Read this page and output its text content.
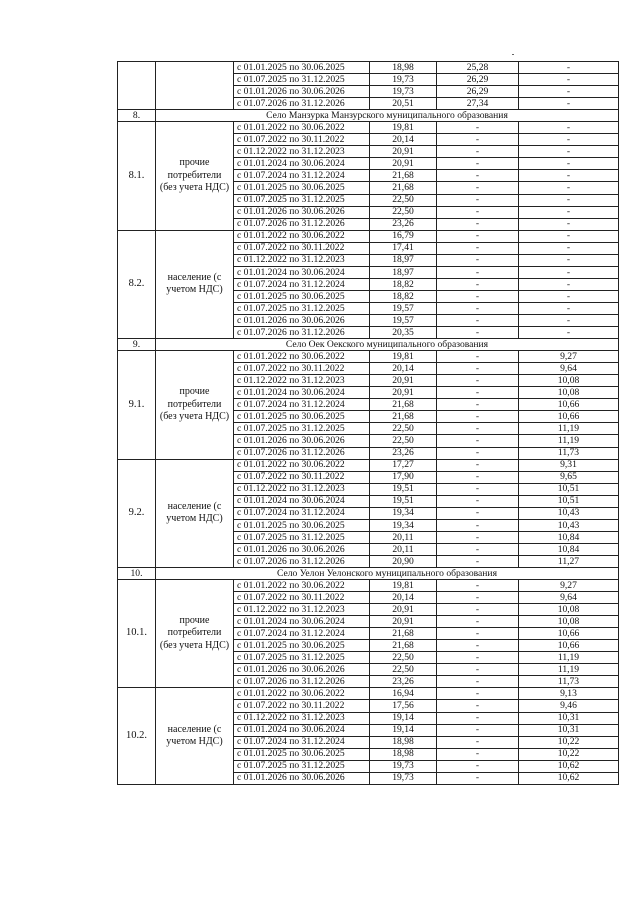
		с 01.01.2025 по 30.06.2025	18,98	25,28	-
		с 01.07.2025 по 31.12.2025	19,73	26,29	-
		с 01.01.2026 по 30.06.2026	19,73	26,29	-
		с 01.07.2026 по 31.12.2026	20,51	27,34	-
8.	Село Манзурка Манзурского муниципального образования				
8.1.	прочие потребители (без учета НДС)	с 01.01.2022 по 30.06.2022	19,81	-	-
		с 01.07.2022 по 30.11.2022	20,14	-	-
		с 01.12.2022 по 31.12.2023	20,91	-	-
		с 01.01.2024 по 30.06.2024	20,91	-	-
		с 01.07.2024 по 31.12.2024	21,68	-	-
		с 01.01.2025 по 30.06.2025	21,68	-	-
		с 01.07.2025 по 31.12.2025	22,50	-	-
		с 01.01.2026 по 30.06.2026	22,50	-	-
		с 01.07.2026 по 31.12.2026	23,26	-	-
8.2.	население (с учетом НДС)	с 01.01.2022 по 30.06.2022	16,79	-	-
		с 01.07.2022 по 30.11.2022	17,41	-	-
		с 01.12.2022 по 31.12.2023	18,97	-	-
		с 01.01.2024 по 30.06.2024	18,97	-	-
		с 01.07.2024 по 31.12.2024	18,82	-	-
		с 01.01.2025 по 30.06.2025	18,82	-	-
		с 01.07.2025 по 31.12.2025	19,57	-	-
		с 01.01.2026 по 30.06.2026	19,57	-	-
		с 01.07.2026 по 31.12.2026	20,35	-	-
9.	Село Оек Оекского муниципального образования				
9.1.	прочие потребители (без учета НДС)	с 01.01.2022 по 30.06.2022	19,81	-	9,27
		с 01.07.2022 по 30.11.2022	20,14	-	9,64
		с 01.12.2022 по 31.12.2023	20,91	-	10,08
		с 01.01.2024 по 30.06.2024	20,91	-	10,08
		с 01.07.2024 по 31.12.2024	21,68	-	10,66
		с 01.01.2025 по 30.06.2025	21,68	-	10,66
		с 01.07.2025 по 31.12.2025	22,50	-	11,19
		с 01.01.2026 по 30.06.2026	22,50	-	11,19
		с 01.07.2026 по 31.12.2026	23,26	-	11,73
9.2.	население (с учетом НДС)	с 01.01.2022 по 30.06.2022	17,27	-	9,31
		с 01.07.2022 по 30.11.2022	17,90	-	9,65
		с 01.12.2022 по 31.12.2023	19,51	-	10,51
		с 01.01.2024 по 30.06.2024	19,51	-	10,51
		с 01.07.2024 по 31.12.2024	19,34	-	10,43
		с 01.01.2025 по 30.06.2025	19,34	-	10,43
		с 01.07.2025 по 31.12.2025	20,11	-	10,84
		с 01.01.2026 по 30.06.2026	20,11	-	10,84
		с 01.07.2026 по 31.12.2026	20,90	-	11,27
10.	Село Уелон Уелонского муниципального образования				
10.1.	прочие потребители (без учета НДС)	с 01.01.2022 по 30.06.2022	19,81	-	9,27
		с 01.07.2022 по 30.11.2022	20,14	-	9,64
		с 01.12.2022 по 31.12.2023	20,91	-	10,08
		с 01.01.2024 по 30.06.2024	20,91	-	10,08
		с 01.07.2024 по 31.12.2024	21,68	-	10,66
		с 01.01.2025 по 30.06.2025	21,68	-	10,66
		с 01.07.2025 по 31.12.2025	22,50	-	11,19
		с 01.01.2026 по 30.06.2026	22,50	-	11,19
		с 01.07.2026 по 31.12.2026	23,26	-	11,73
10.2.	население (с учетом НДС)	с 01.01.2022 по 30.06.2022	16,94	-	9,13
		с 01.07.2022 по 30.11.2022	17,56	-	9,46
		с 01.12.2022 по 31.12.2023	19,14	-	10,31
		с 01.01.2024 по 30.06.2024	19,14	-	10,31
		с 01.07.2024 по 31.12.2024	18,98	-	10,22
		с 01.01.2025 по 30.06.2025	18,98	-	10,22
		с 01.07.2025 по 31.12.2025	19,73	-	10,62
		с 01.01.2026 по 30.06.2026	19,73	-	10,62
